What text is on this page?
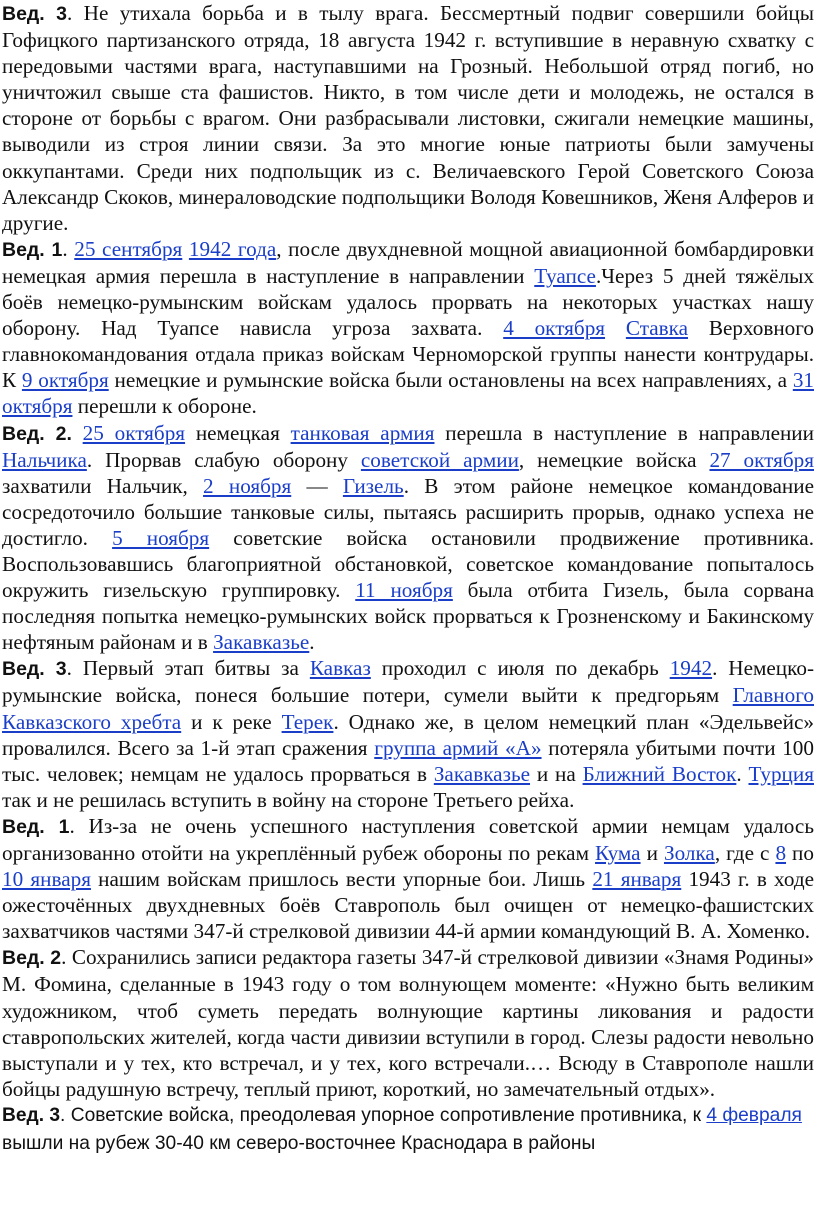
Вед. 3. Не утихала борьба и в тылу врага. Бессмертный подвиг совершили бойцы Гофицкого партизанского отряда, 18 августа 1942 г. вступившие в неравную схватку с передовыми частями врага, наступавшими на Грозный. Небольшой отряд погиб, но уничтожил свыше ста фашистов. Никто, в том числе дети и молодежь, не остался в стороне от борьбы с врагом. Они разбрасывали листовки, сжигали немецкие машины, выводили из строя линии связи. За это многие юные патриоты были замучены оккупантами. Среди них подпольщик из с. Величаевского Герой Советского Союза Александр Скоков, минераловодские подпольщики Володя Ковешников, Женя Алферов и другие.

Вед. 1. 25 сентября 1942 года, после двухдневной мощной авиационной бомбардировки немецкая армия перешла в наступление в направлении Туапсе.Через 5 дней тяжёлых боёв немецко-румынским войскам удалось прорвать на некоторых участках нашу оборону. Над Туапсе нависла угроза захвата. 4 октября Ставка Верховного главнокомандования отдала приказ войскам Черноморской группы нанести контрудары. К 9 октября немецкие и румынские войска были остановлены на всех направлениях, а 31 октября перешли к обороне.

Вед. 2. 25 октября немецкая танковая армия перешла в наступление в направлении Нальчика. Прорвав слабую оборону советской армии, немецкие войска 27 октября захватили Нальчик, 2 ноября — Гизель. В этом районе немецкое командование сосредоточило большие танковые силы, пытаясь расширить прорыв, однако успеха не достигло. 5 ноября советские войска остановили продвижение противника. Воспользовавшись благоприятной обстановкой, советское командование попыталось окружить гизельскую группировку. 11 ноября была отбита Гизель, была сорвана последняя попытка немецко-румынских войск прорваться к Грозненскому и Бакинскому нефтяным районам и в Закавказье.

Вед. 3. Первый этап битвы за Кавказ проходил с июля по декабрь 1942. Немецко-румынские войска, понеся большие потери, сумели выйти к предгорьям Главного Кавказского хребта и к реке Терек. Однако же, в целом немецкий план «Эдельвейс» провалился. Всего за 1-й этап сражения группа армий «А» потеряла убитыми почти 100 тыс. человек; немцам не удалось прорваться в Закавказье и на Ближний Восток. Турция так и не решилась вступить в войну на стороне Третьего рейха.

Вед. 1. Из-за не очень успешного наступления советской армии немцам удалось организованно отойти на укреплённый рубеж обороны по рекам Кума и Золка, где с 8 по 10 января нашим войскам пришлось вести упорные бои. Лишь 21 января 1943 г. в ходе ожесточённых двухдневных боёв Ставрополь был очищен от немецко-фашистских захватчиков частями 347-й стрелковой дивизии 44-й армии командующий В. А. Хоменко.

Вед. 2. Сохранились записи редактора газеты 347-й стрелковой дивизии «Знамя Родины» М. Фомина, сделанные в 1943 году о том волнующем моменте: «Нужно быть великим художником, чтоб суметь передать волнующие картины ликования и радости ставропольских жителей, когда части дивизии вступили в город. Слезы радости невольно выступали и у тех, кто встречал, и у тех, кого встречали.… Всюду в Ставрополе нашли бойцы радушную встречу, теплый приют, короткий, но замечательный отдых».

Вед. 3. Советские войска, преодолевая упорное сопротивление противника, к 4 февраля вышли на рубеж 30-40 км северо-восточнее Краснодара в районы
